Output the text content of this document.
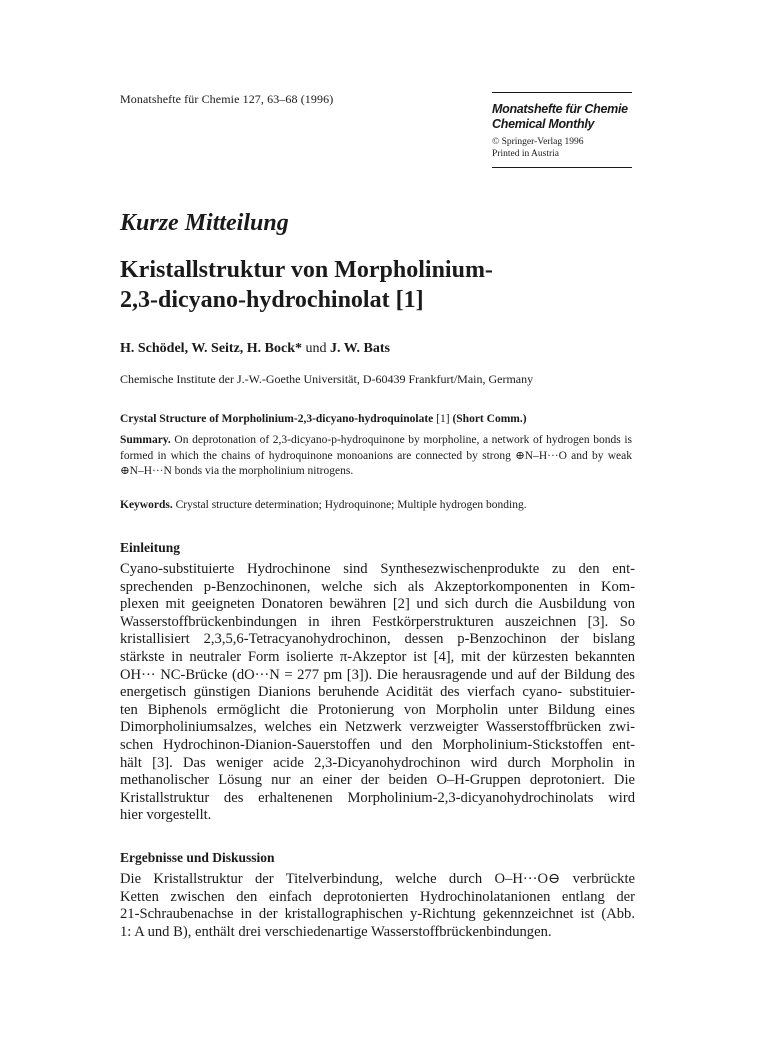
Monatshefte für Chemie 127, 63–68 (1996)
Monatshefte für Chemie
Chemical Monthly
© Springer-Verlag 1996
Printed in Austria
Kurze Mitteilung
Kristallstruktur von Morpholinium-
2,3-dicyano-hydrochinolat [1]
H. Schödel, W. Seitz, H. Bock* und J. W. Bats
Chemische Institute der J.-W.-Goethe Universität, D-60439 Frankfurt/Main, Germany
Crystal Structure of Morpholinium-2,3-dicyano-hydroquinolate [1] (Short Comm.)
Summary. On deprotonation of 2,3-dicyano-p-hydroquinone by morpholine, a network of hydrogen bonds is formed in which the chains of hydroquinone monoanions are connected by strong ⊕N–H···O and by weak ⊕N–H···N bonds via the morpholinium nitrogens.
Keywords. Crystal structure determination; Hydroquinone; Multiple hydrogen bonding.
Einleitung
Cyano-substituierte Hydrochinone sind Synthesezwischenprodukte zu den ent-
sprechenden p-Benzochinonen, welche sich als Akzeptorkomponenten in Kom-
plexen mit geeigneten Donatoren bewähren [2] und sich durch die Ausbildung von
Wasserstoffbrückenbindungen in ihren Festkörperstrukturen auszeichnen [3]. So
kristallisiert 2,3,5,6-Tetracyanohydrochinon, dessen p-Benzochinon der bislang
stärkste in neutraler Form isolierte π-Akzeptor ist [4], mit der kürzesten bekannten
OH··· NC-Brücke (dO···N = 277 pm [3]). Die herausragende und auf der Bildung des
energetisch günstigen Dianions beruhende Acidität des vierfach cyano- substituier-
ten Biphenols ermöglicht die Protonierung von Morpholin unter Bildung eines
Dimorpholiniumsalzes, welches ein Netzwerk verzweigter Wasserstoffbrücken zwi-
schen Hydrochinon-Dianion-Sauerstoffen und den Morpholinium-Stickstoffen ent-
hält [3]. Das weniger acide 2,3-Dicyanohydrochinon wird durch Morpholin in
methanolischer Lösung nur an einer der beiden O–H-Gruppen deprotoniert. Die
Kristallstruktur des erhaltenenen Morpholinium-2,3-dicyanohydrochinolats wird
hier vorgestellt.
Ergebnisse und Diskussion
Die Kristallstruktur der Titelverbindung, welche durch O–H···O⊖ verbrückte
Ketten zwischen den einfach deprotonierten Hydrochinolatanionen entlang der
21-Schraubenachse in der kristallographischen y-Richtung gekennzeichnet ist (Abb.
1: A und B), enthält drei verschiedenartige Wasserstoffbrückenbindungen.
